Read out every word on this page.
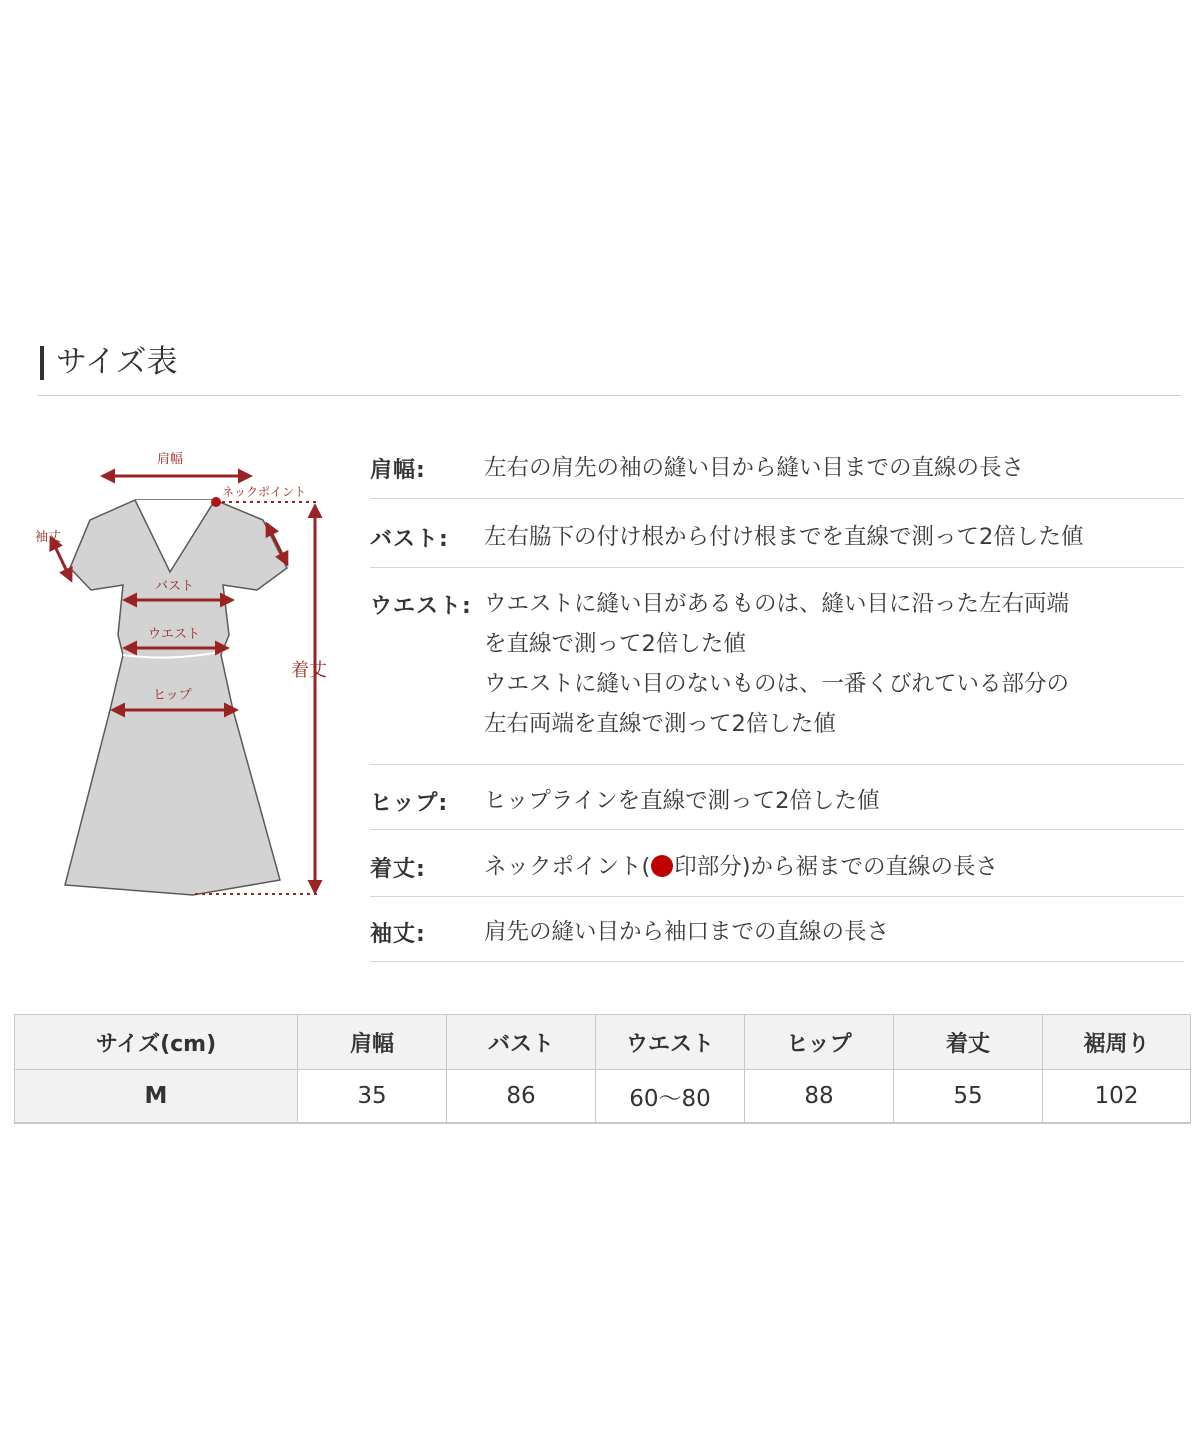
サイズ表
肩幅
ネックポイント
袖丈
バスト
ウエスト
ヒップ
着丈
肩幅:	左右の肩先の袖の縫い目から縫い目までの直線の長さ
バスト: 左右脇下の付け根から付け根までを直線で測って2倍した値
ウエスト: ウエストに縫い目があるものは、縫い目に沿った左右両端
を直線で測って2倍した値
ウエストに縫い目のないものは、一番くびれている部分の
左右両端を直線で測って2倍した値
ヒップ: ヒップラインを直線で測って2倍した値
着丈:	ネックポイント( 印部分)から裾までの直線の長さ
袖丈:	肩先の縫い目から袖口までの直線の長さ
サイズ(cm)	肩幅	バスト	ウエスト	ヒップ	着丈	裾周り
M	35	86	60〜80	88	55	102
